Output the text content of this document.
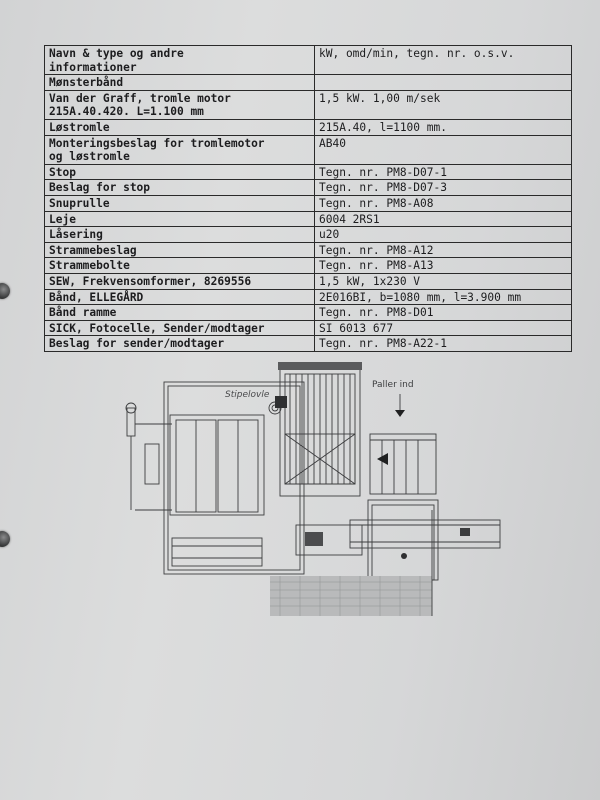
Navn & type og andre
informationer	kW, omd/min, tegn. nr. o.s.v.
Mønsterbånd	
Van der Graff, tromle motor
215A.40.420. L=1.100 mm	1,5 kW. 1,00 m/sek
Løstromle	215A.40, l=1100 mm.
Monteringsbeslag for tromlemotor
og løstromle	AB40
Stop	Tegn. nr. PM8-D07-1
Beslag for stop	Tegn. nr. PM8-D07-3
Snuprulle	Tegn. nr. PM8-A08
Leje	6004 2RS1
Låsering	u20
Strammebeslag	Tegn. nr. PM8-A12
Strammebolte	Tegn. nr. PM8-A13
SEW, Frekvensomformer, 8269556	1,5 kW, 1x230 V
Bånd, ELLEGÅRD	2E016BI, b=1080 mm, l=3.900 mm
Bånd ramme	Tegn. nr. PM8-D01
SICK, Fotocelle, Sender/modtager	SI 6013 677
Beslag for sender/modtager	Tegn. nr. PM8-A22-1
Stipelovle
Paller ind
